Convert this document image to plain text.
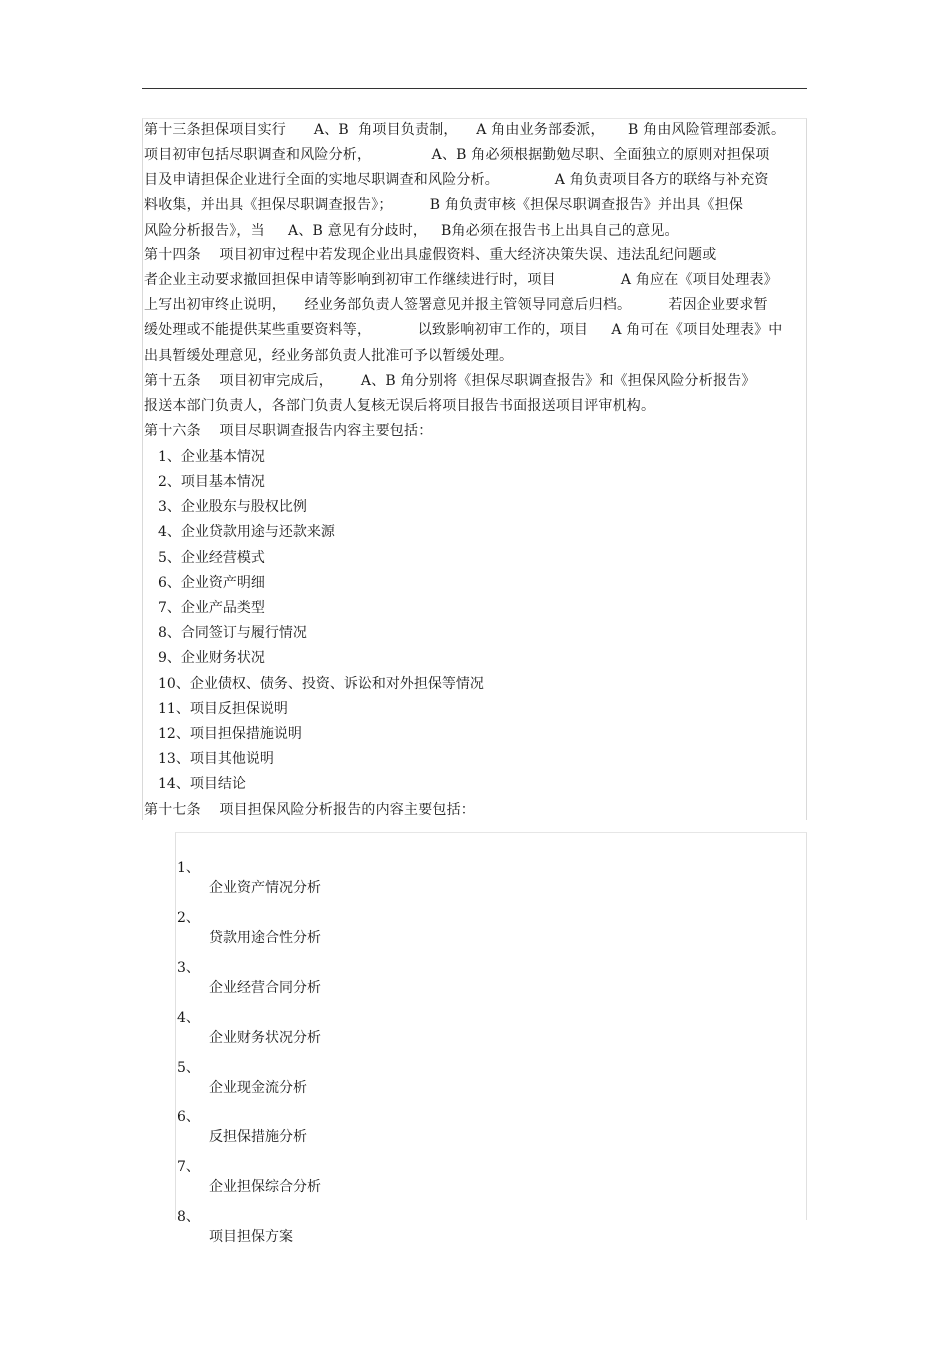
第十三条担保项目实行      A、B  角项目负责制，    A 角由业务部委派，     B 角由风险管理部委派。
项目初审包括尽职调查和风险分析，             A、B 角必须根据勤勉尽职、全面独立的原则对担保项
目及申请担保企业进行全面的实地尽职调查和风险分析。            A 角负责项目各方的联络与补充资
料收集，并出具《担保尽职调查报告》；        B 角负责审核《担保尽职调查报告》并出具《担保
风险分析报告》，当     A、B 意见有分歧时，   B角必须在报告书上出具自己的意见。
第十四条    项目初审过程中若发现企业出具虚假资料、重大经济决策失误、违法乱纪问题或
者企业主动要求撤回担保申请等影响到初审工作继续进行时，项目              A 角应在《项目处理表》
上写出初审终止说明，    经业务部负责人签署意见并报主管领导同意后归档。        若因企业要求暂
缓处理或不能提供某些重要资料等，          以致影响初审工作的，项目     A 角可在《项目处理表》中
出具暂缓处理意见，经业务部负责人批准可予以暂缓处理。
第十五条    项目初审完成后，      A、B 角分别将《担保尽职调查报告》和《担保风险分析报告》
报送本部门负责人，各部门负责人复核无误后将项目报告书面报送项目评审机构。
第十六条    项目尽职调查报告内容主要包括：
1、企业基本情况
2、项目基本情况
3、企业股东与股权比例
4、企业贷款用途与还款来源
5、企业经营模式
6、企业资产明细
7、企业产品类型
8、合同签订与履行情况
9、企业财务状况
10、企业债权、债务、投资、诉讼和对外担保等情况
11、项目反担保说明
12、项目担保措施说明
13、项目其他说明
14、项目结论
第十七条    项目担保风险分析报告的内容主要包括：

1、

企业资产情况分析

2、

贷款用途合性分析

3、

企业经营合同分析

4、

企业财务状况分析

5、

企业现金流分析

6、

反担保措施分析

7、

企业担保综合分析

8、

项目担保方案
